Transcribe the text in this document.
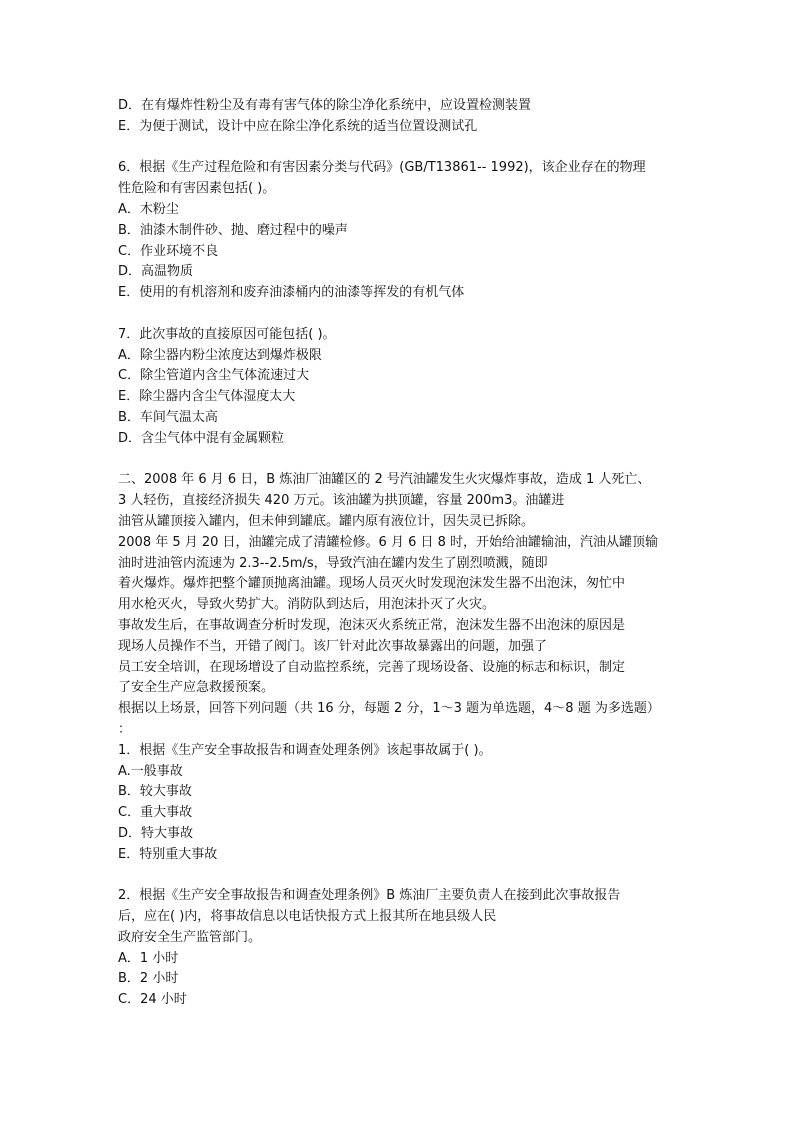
D．在有爆炸性粉尘及有毒有害气体的除尘净化系统中，应设置检测装置
E．为便于测试，设计中应在除尘净化系统的适当位置设测试孔
6．根据《生产过程危险和有害因素分类与代码》(GB/T13861-- 1992)，该企业存在的物理
性危险和有害因素包括( )。
A．木粉尘
B．油漆木制件砂、抛、磨过程中的噪声
C．作业环境不良
D．高温物质
E．使用的有机溶剂和废弃油漆桶内的油漆等挥发的有机气体
7．此次事故的直接原因可能包括( )。
A．除尘器内粉尘浓度达到爆炸极限
C．除尘管道内含尘气体流速过大
E．除尘器内含尘气体湿度太大
B．车间气温太高
D．含尘气体中混有金属颗粒
二、2008 年 6 月 6 日，B 炼油厂油罐区的 2 号汽油罐发生火灾爆炸事故，造成 1 人死亡、
3 人轻伤，直接经济损失 420 万元。该油罐为拱顶罐，容量 200m3。油罐进
油管从罐顶接入罐内，但未伸到罐底。罐内原有液位计，因失灵已拆除。
2008 年 5 月 20 日，油罐完成了清罐检修。6 月 6 日 8 时，开始给油罐输油，汽油从罐顶输
油时进油管内流速为 2.3--2.5m/s，导致汽油在罐内发生了剧烈喷溅，随即
着火爆炸。爆炸把整个罐顶抛离油罐。现场人员灭火时发现泡沫发生器不出泡沫，匆忙中
用水枪灭火，导致火势扩大。消防队到达后，用泡沫扑灭了火灾。
事故发生后，在事故调查分析时发现，泡沫灭火系统正常，泡沫发生器不出泡沫的原因是
现场人员操作不当，开错了阀门。该厂针对此次事故暴露出的问题，加强了
员工安全培训，在现场增设了自动监控系统，完善了现场设备、设施的标志和标识，制定
了安全生产应急救援预案。
根据以上场景，回答下列问题（共 16 分，每题 2 分，1～3 题为单选题，4～8 题 为多选题）
：
1．根据《生产安全事故报告和调查处理条例》该起事故属于( )。
A.一般事故
B．较大事故
C．重大事故
D．特大事故
E．特别重大事故
2．根据《生产安全事故报告和调查处理条例》B 炼油厂主要负责人在接到此次事故报告
后，应在( )内，将事故信息以电话快报方式上报其所在地县级人民
政府安全生产监管部门。
A．1 小时
B．2 小时
C．24 小时
